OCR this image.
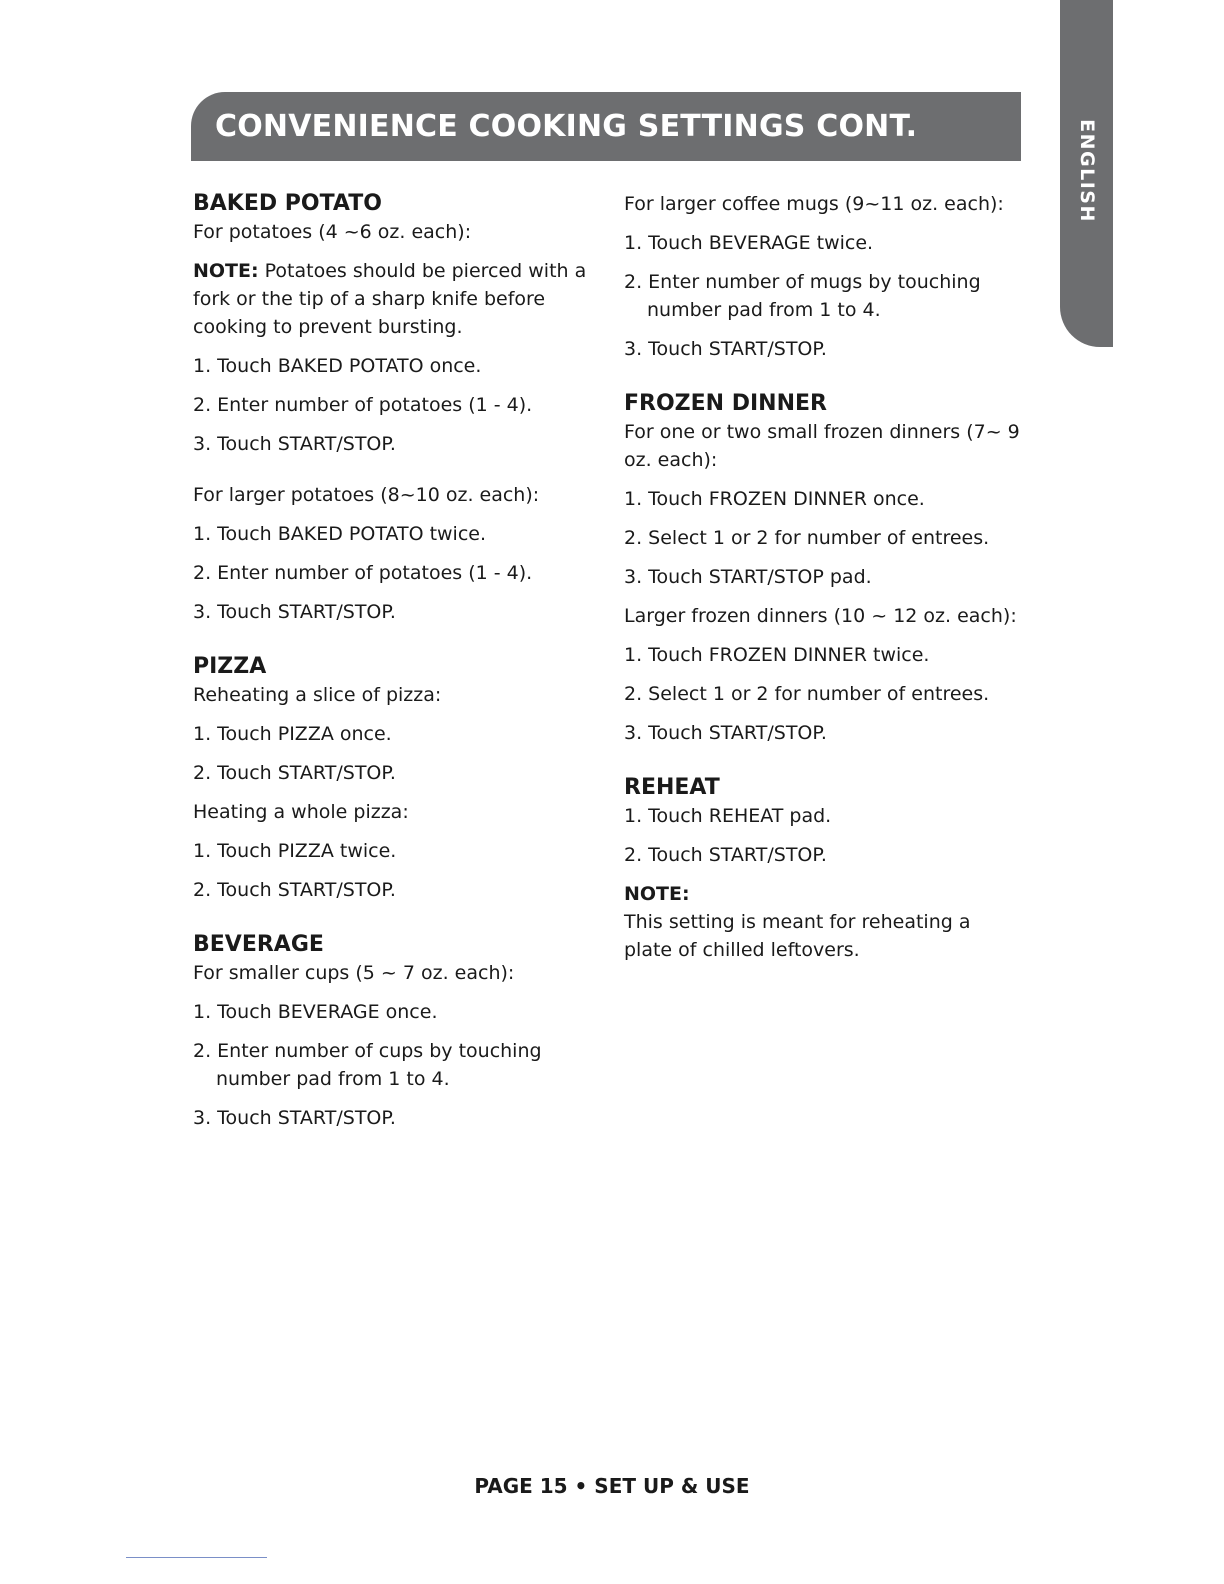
CONVENIENCE COOKING SETTINGS CONT.	ENGLISH
BAKED POTATO

For potatoes (4 ~6 oz. each):

NOTE: Potatoes should be pierced with a fork or the tip of a sharp knife before cooking to prevent bursting.

1. Touch BAKED POTATO once.
2. Enter number of potatoes (1 - 4).
3. Touch START/STOP.

For larger potatoes (8~10 oz. each):

1. Touch BAKED POTATO twice.
2. Enter number of potatoes (1 - 4).
3. Touch START/STOP.
PIZZA

Reheating a slice of pizza:

1. Touch PIZZA once.
2. Touch START/STOP.

Heating a whole pizza:

1. Touch PIZZA twice.
2. Touch START/STOP.
BEVERAGE

For smaller cups (5 ~ 7 oz. each):

1. Touch BEVERAGE once.
2. Enter number of cups by touching number pad from 1 to 4.
3. Touch START/STOP.

For larger coffee mugs (9~11 oz. each):

1. Touch BEVERAGE twice.
2. Enter number of mugs by touching number pad from 1 to 4.
3. Touch START/STOP.
FROZEN DINNER

For one or two small frozen dinners (7~ 9 oz. each):

1. Touch FROZEN DINNER once.
2. Select 1 or 2 for number of entrees.
3. Touch START/STOP pad.

Larger frozen dinners (10 ~ 12 oz. each):

1. Touch FROZEN DINNER twice.
2. Select 1 or 2 for number of entrees.
3. Touch START/STOP.
REHEAT
1. Touch REHEAT pad.
2. Touch START/STOP.

NOTE:

This setting is meant for reheating a plate of chilled leftovers.

PAGE 15 • SET UP & USE
